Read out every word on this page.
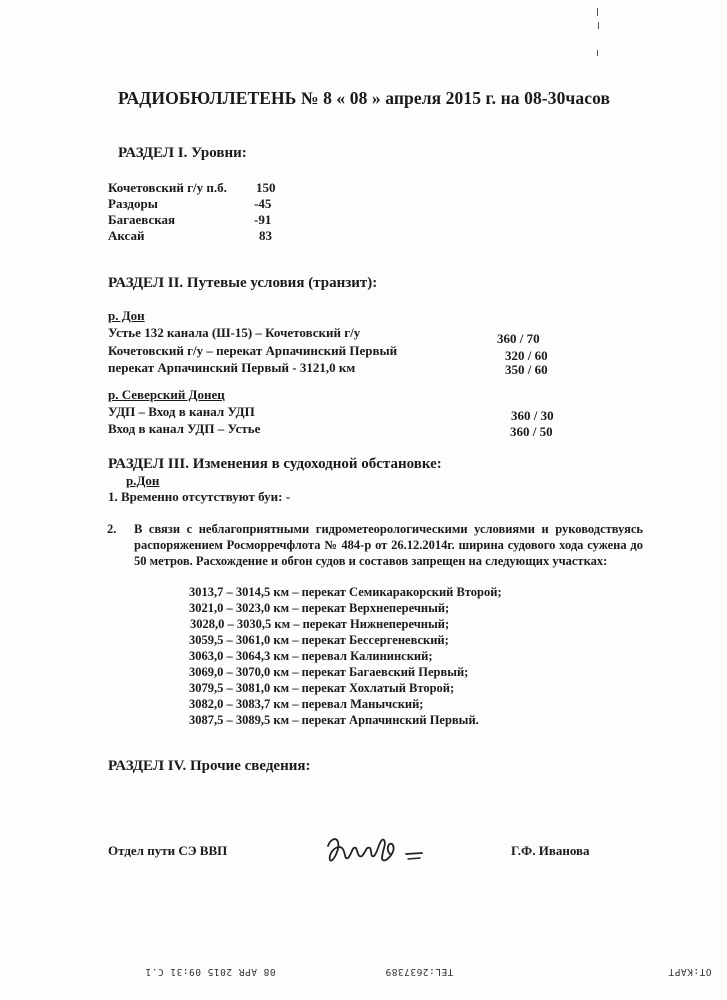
РАДИОБЮЛЛЕТЕНЬ № 8 « 08 » апреля 2015 г. на 08-30часов
РАЗДЕЛ I. Уровни:
Кочетовский г/у п.б. 150
Раздоры	-45
Багаевская	-91
Аксай	83
РАЗДЕЛ II. Путевые условия (транзит):
р. Дон
Устье 132 канала (Ш-15) – Кочетовский г/у	360 / 70
Кочетовский г/у – перекат Арпачинский Первый	320 / 60
перекат Арпачинский Первый - 3121,0 км	350 / 60
р. Северский Донец
УДП – Вход в канал УДП	360 / 30
Вход в канал УДП – Устье	360 / 50
РАЗДЕЛ III. Изменения в судоходной обстановке:
р.Дон
1. Временно отсутствуют буи: -
2. В связи с неблагоприятными гидрометеорологическими условиями и руководствуясь распоряжением Росморречфлота № 484-р от 26.12.2014г. ширина судового хода сужена до 50 метров. Расхождение и обгон судов и составов запрещен на следующих участках:
3013,7 – 3014,5 км – перекат Семикаракорский Второй;
3021,0 – 3023,0 км – перекат Верхнеперечный;
3028,0 – 3030,5 км – перекат Нижнеперечный;
3059,5 – 3061,0 км – перекат Бессергеневский;
3063,0 – 3064,3 км – перевал Калининский;
3069,0 – 3070,0 км – перекат Багаевский Первый;
3079,5 – 3081,0 км – перекат Хохлатый Второй;
3082,0 – 3083,7 км – перевал Манычский;
3087,5 – 3089,5 км – перекат Арпачинский Первый.
РАЗДЕЛ IV. Прочие сведения:
Отдел пути СЭ ВВП	Г.Ф. Иванова
08 APR 2015 09:31 C.1	TEL:2637389	OT:KAPT
